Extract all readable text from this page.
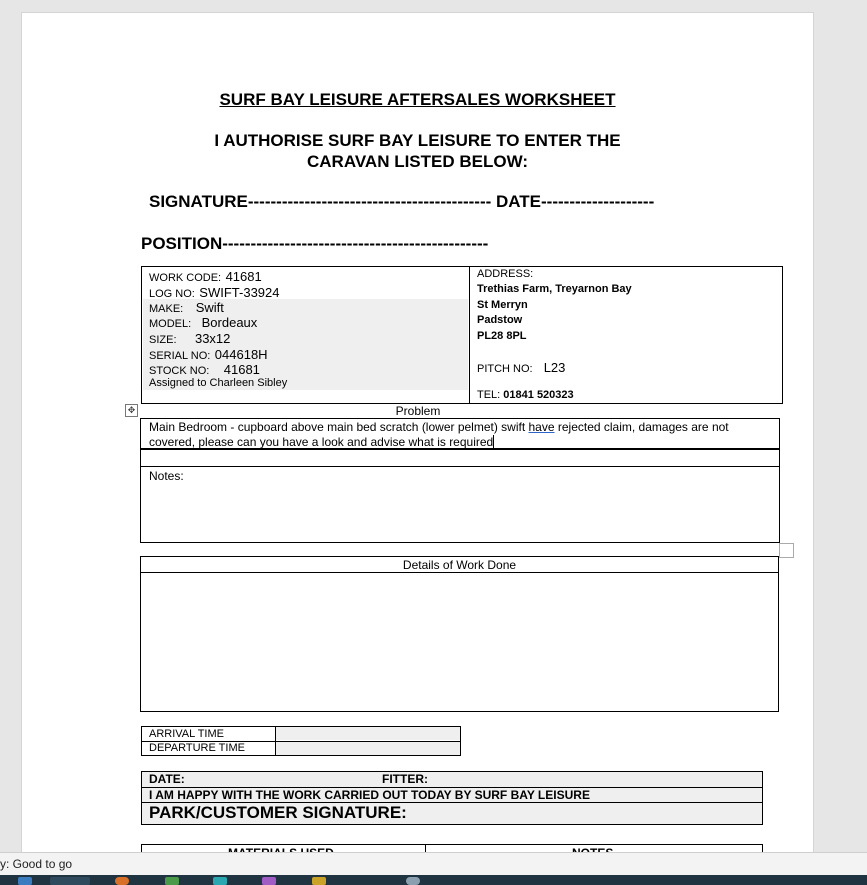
SURF BAY LEISURE AFTERSALES WORKSHEET
I AUTHORISE SURF BAY LEISURE TO ENTER THE CARAVAN LISTED BELOW:
SIGNATURE------------------------------------------- DATE--------------------
POSITION-----------------------------------------------
WORK CODE: 41681
LOG NO: SWIFT-33924
MAKE: Swift
MODEL: Bordeaux
SIZE: 33x12
SERIAL NO: 044618H
STOCK NO: 41681
Assigned to Charleen Sibley
ADDRESS:
Trethias Farm, Treyarnon Bay
St Merryn
Padstow
PL28 8PL
PITCH NO: L23
TEL: 01841 520323
✥	Problem
Main Bedroom - cupboard above main bed scratch (lower pelmet) swift have rejected claim, damages are not covered, please can you have a look and advise what is required
Notes:
Details of Work Done
ARRIVAL TIME
DEPARTURE TIME
DATE:	FITTER:
I AM HAPPY WITH THE WORK CARRIED OUT TODAY BY SURF BAY LEISURE
PARK/CUSTOMER SIGNATURE:
y: Good to go
